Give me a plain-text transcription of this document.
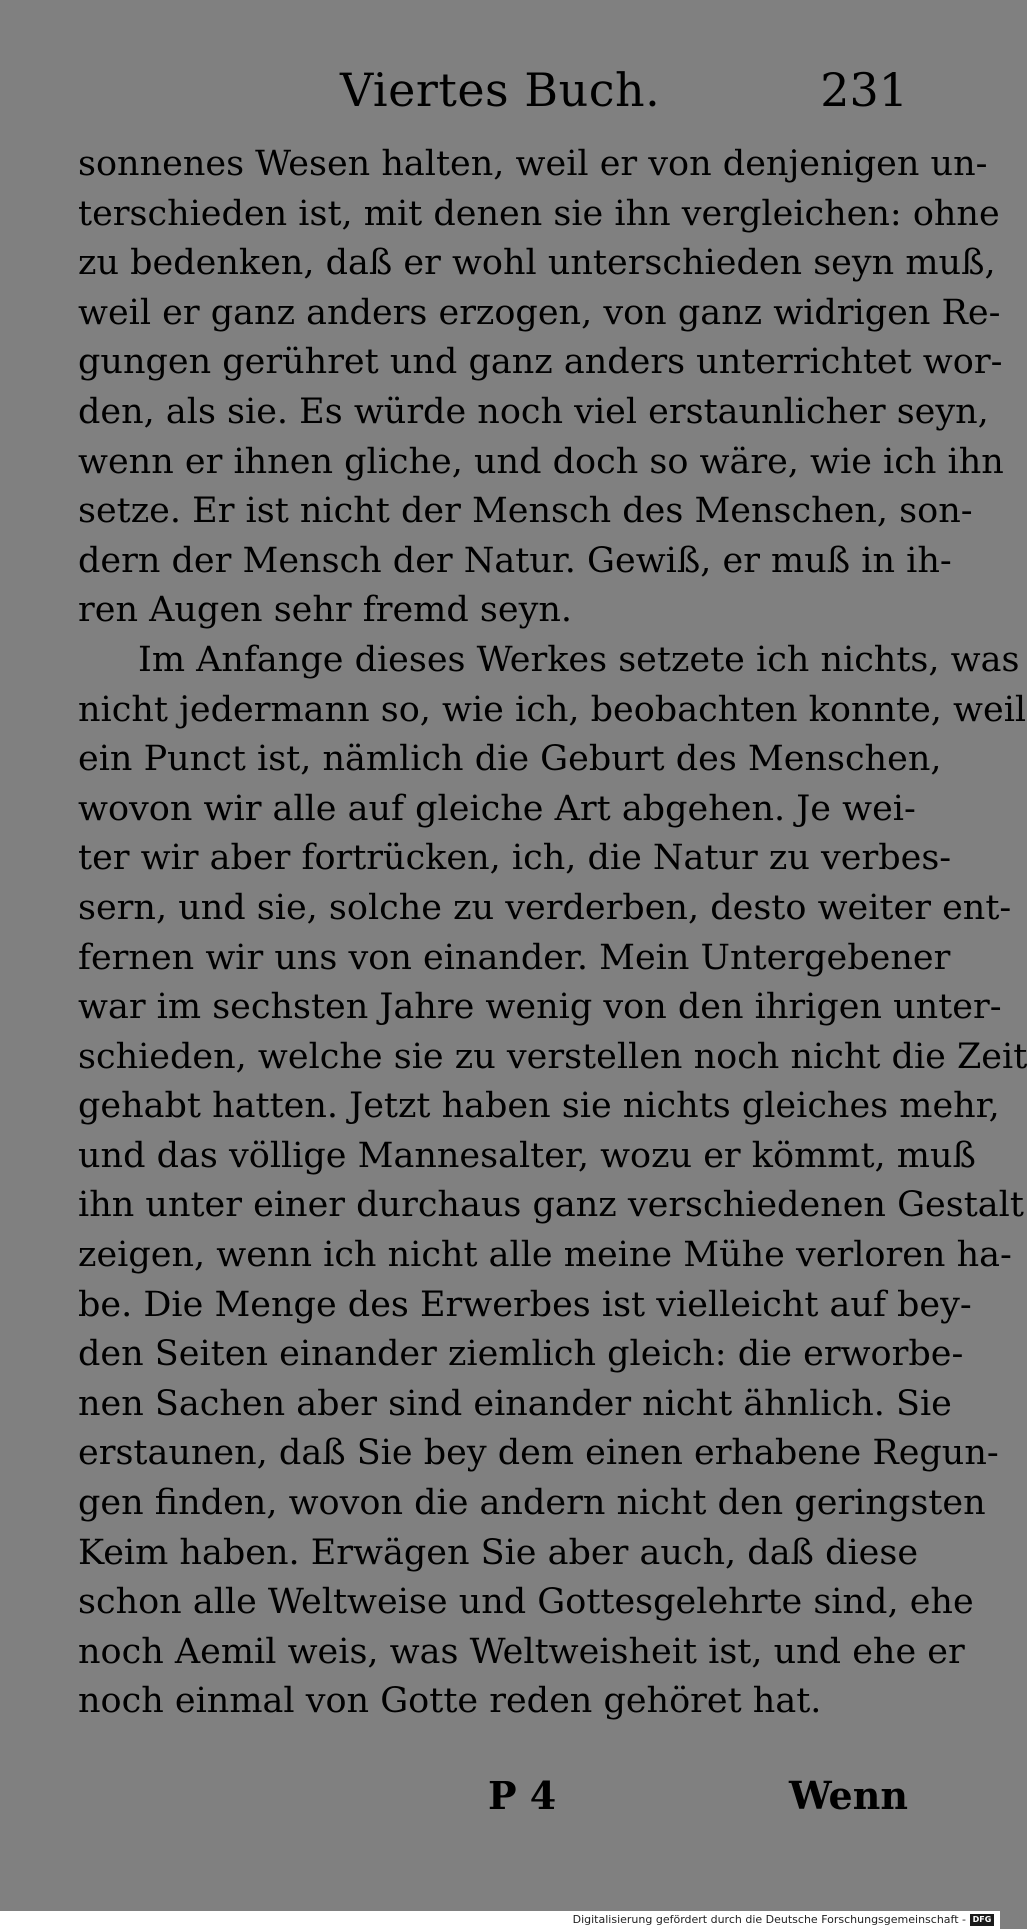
Viertes Buch.	231
sonnenes Wesen halten, weil er von denjenigen un-
terschieden ist, mit denen sie ihn vergleichen: ohne
zu bedenken, daß er wohl unterschieden seyn muß,
weil er ganz anders erzogen, von ganz widrigen Re-
gungen gerühret und ganz anders unterrichtet wor-
den, als sie. Es würde noch viel erstaunlicher seyn,
wenn er ihnen gliche, und doch so wäre, wie ich ihn
setze. Er ist nicht der Mensch des Menschen, son-
dern der Mensch der Natur. Gewiß, er muß in ih-
ren Augen sehr fremd seyn.
Im Anfange dieses Werkes setzete ich nichts, was
nicht jedermann so, wie ich, beobachten konnte, weil
ein Punct ist, nämlich die Geburt des Menschen,
wovon wir alle auf gleiche Art abgehen. Je wei-
ter wir aber fortrücken, ich, die Natur zu verbes-
sern, und sie, solche zu verderben, desto weiter ent-
fernen wir uns von einander. Mein Untergebener
war im sechsten Jahre wenig von den ihrigen unter-
schieden, welche sie zu verstellen noch nicht die Zeit
gehabt hatten. Jetzt haben sie nichts gleiches mehr,
und das völlige Mannesalter, wozu er kömmt, muß
ihn unter einer durchaus ganz verschiedenen Gestalt
zeigen, wenn ich nicht alle meine Mühe verloren ha-
be. Die Menge des Erwerbes ist vielleicht auf bey-
den Seiten einander ziemlich gleich: die erworbe-
nen Sachen aber sind einander nicht ähnlich. Sie
erstaunen, daß Sie bey dem einen erhabene Regun-
gen finden, wovon die andern nicht den geringsten
Keim haben. Erwägen Sie aber auch, daß diese
schon alle Weltweise und Gottesgelehrte sind, ehe
noch Aemil weis, was Weltweisheit ist, und ehe er
noch einmal von Gotte reden gehöret hat.
P 4	Wenn
Digitalisierung gefördert durch die Deutsche Forschungsgemeinschaft - DFG
